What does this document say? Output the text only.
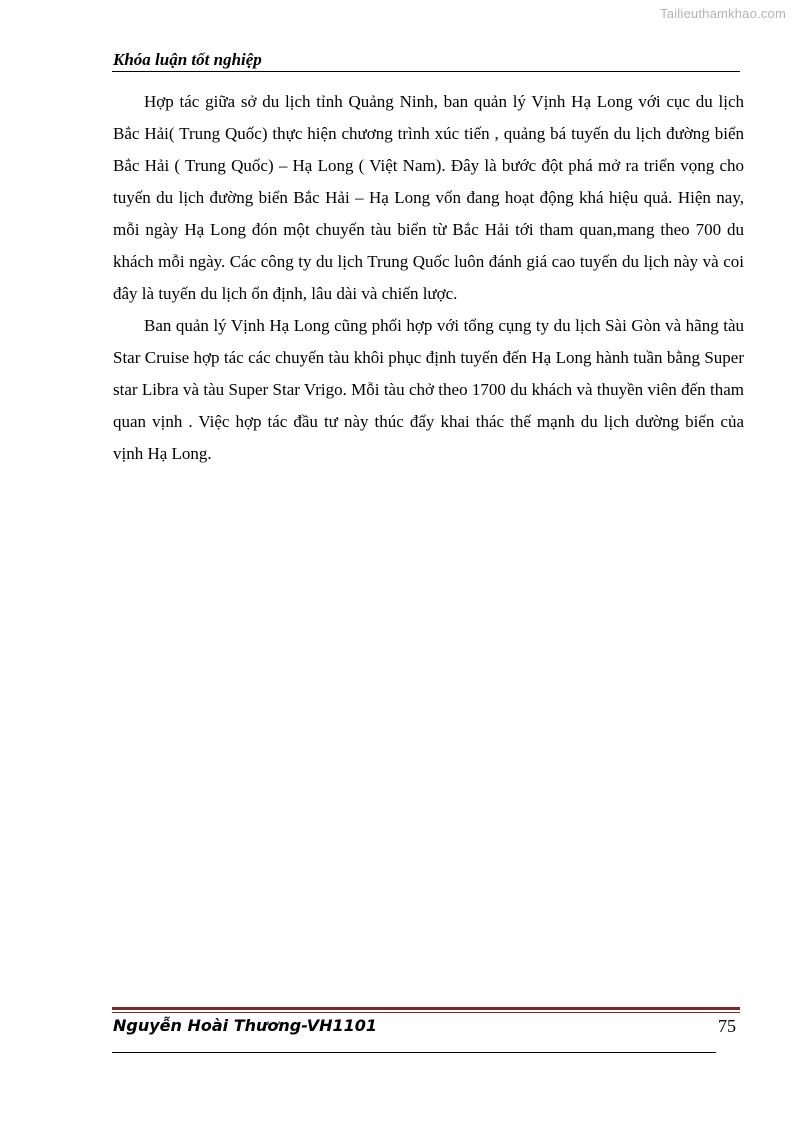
Tailieuthamkhao.com
Khóa luận tốt nghiệp

Hợp tác giữa sở du lịch tỉnh Quảng Ninh, ban quản lý Vịnh Hạ Long với cục du lịch Bắc Hải( Trung Quốc) thực hiện chương trình xúc tiến , quảng bá tuyến du lịch đường biển Bắc Hải ( Trung Quốc) – Hạ Long ( Việt Nam). Đây là bước đột phá mở ra triển vọng cho tuyến du lịch đường biển Bắc Hải – Hạ Long vốn đang hoạt động khá hiệu quả. Hiện nay, mỗi ngày Hạ Long đón một chuyến tàu biển từ Bắc Hải tới tham quan,mang theo 700 du khách mỗi ngày. Các công ty du lịch Trung Quốc luôn đánh giá cao tuyến du lịch này và coi đây là tuyến du lịch ổn định, lâu dài và chiến lược.

Ban quản lý Vịnh Hạ Long cũng phối hợp với tổng cụng ty du lịch Sài Gòn và hãng tàu Star Cruise hợp tác các chuyến tàu khôi phục định tuyến đến Hạ Long hành tuần bằng Super star Libra và tàu Super Star Vrigo. Mỗi tàu chở theo 1700 du khách và thuyền viên đến tham quan vịnh . Việc hợp tác đầu tư này thúc đẩy khai thác thế mạnh du lịch dường biển của vịnh Hạ Long.

Nguyễn Hoài Thương-VH1101	75
